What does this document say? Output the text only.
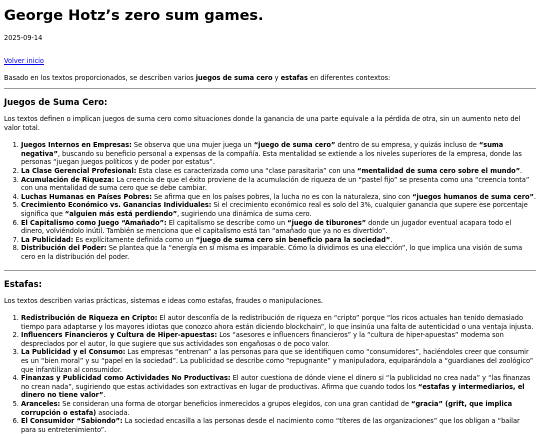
George Hotz’s zero sum games.
2025-09-14
Volver inicio

Basado en los textos proporcionados, se describen varios juegos de suma cero y estafas en diferentes contextos:

Juegos de Suma Cero:

Los textos definen o implican juegos de suma cero como situaciones donde la ganancia de una parte equivale a la pérdida de otra, sin un aumento neto del valor total.

1. Juegos Internos en Empresas: Se observa que una mujer juega un “juego de suma cero” dentro de su empresa, y quizás incluso de “suma negativa”, buscando su beneficio personal a expensas de la compañía. Esta mentalidad se extiende a los niveles superiores de la empresa, donde las personas “juegan juegos políticos y de poder por estatus”.
2. La Clase Gerencial Profesional: Esta clase es caracterizada como una “clase parasitaria” con una “mentalidad de suma cero sobre el mundo”.
3. Acumulación de Riqueza: La creencia de que el éxito proviene de la acumulación de riqueza de un “pastel fijo” se presenta como una “creencia tonta” con una mentalidad de suma cero que se debe cambiar.
4. Luchas Humanas en Países Pobres: Se afirma que en los países pobres, la lucha no es con la naturaleza, sino con “juegos humanos de suma cero”.
5. Crecimiento Económico vs. Ganancias Individuales: Si el crecimiento económico real es solo del 3%, cualquier ganancia que supere ese porcentaje significa que “alguien más está perdiendo”, sugiriendo una dinámica de suma cero.
6. El Capitalismo como Juego “Amañado”: El capitalismo se describe como un “juego de tiburones” donde un jugador eventual acapara todo el dinero, volviéndolo inútil. También se menciona que el capitalismo está tan “amañado que ya no es divertido”.
7. La Publicidad: Es explícitamente definida como un “juego de suma cero sin beneficio para la sociedad”.
8. Distribución del Poder: Se plantea que la “energía en sí misma es imparable. Cómo la dividimos es una elección”, lo que implica una visión de suma cero en la distribución del poder.
Estafas:

Los textos describen varias prácticas, sistemas e ideas como estafas, fraudes o manipulaciones.

1. Redistribución de Riqueza en Cripto: El autor desconfía de la redistribución de riqueza en “cripto” porque “los ricos actuales han tenido demasiado tiempo para adaptarse y los mayores idiotas que conozco ahora están diciendo blockchain”, lo que insinúa una falta de autenticidad o una ventaja injusta.
2. Influencers Financieros y Cultura de Hiper-apuestas: Los “asesores e influencers financieros” y la “cultura de hiper-apuestas” moderna son despreciados por el autor, lo que sugiere que sus actividades son engañosas o de poco valor.
3. La Publicidad y el Consumo: Las empresas “entrenan” a las personas para que se identifiquen como “consumidores”, haciéndoles creer que consumir es un “bien moral” y su “papel en la sociedad”. La publicidad se describe como “repugnante” y manipuladora, equiparándola a “guardianes del zoológico” que infantilizan al consumidor.
4. Finanzas y Publicidad como Actividades No Productivas: El autor cuestiona de dónde viene el dinero si “la publicidad no crea nada” y “las finanzas no crean nada”, sugiriendo que estas actividades son extractivas en lugar de productivas. Afirma que cuando todos los “estafas y intermediarios, el dinero no tiene valor”.
5. Aranceles: Se consideran una forma de otorgar beneficios inmerecidos a grupos elegidos, con una gran cantidad de “gracia” (grift, que implica corrupción o estafa) asociada.
6. El Consumidor “Sabiondo”: La sociedad encasilla a las personas desde el nacimiento como “títeres de las organizaciones” que los obligan a “bailar para su entretenimiento”.
